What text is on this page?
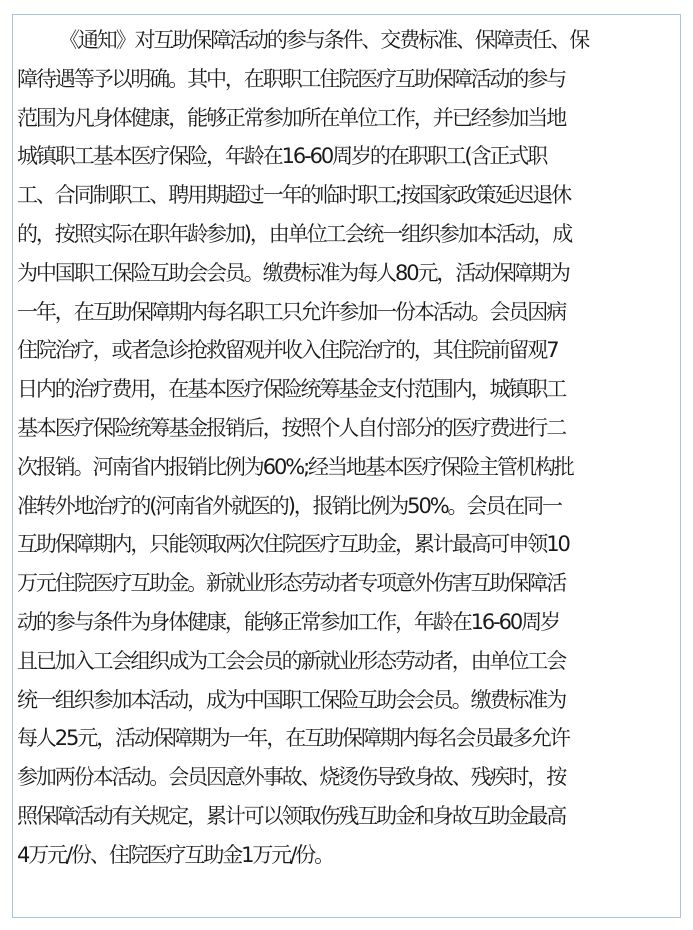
《通知》对互助保障活动的参与条件、交费标准、保障责任、保
障待遇等予以明确。其中，在职职工住院医疗互助保障活动的参与
范围为凡身体健康，能够正常参加所在单位工作，并已经参加当地
城镇职工基本医疗保险，年龄在16-60周岁的在职职工(含正式职
工、合同制职工、聘用期超过一年的临时职工;按国家政策延迟退休
的，按照实际在职年龄参加)，由单位工会统一组织参加本活动，成
为中国职工保险互助会会员。缴费标准为每人80元，活动保障期为
一年，在互助保障期内每名职工只允许参加一份本活动。会员因病
住院治疗，或者急诊抢救留观并收入住院治疗的，其住院前留观7
日内的治疗费用，在基本医疗保险统筹基金支付范围内，城镇职工
基本医疗保险统筹基金报销后，按照个人自付部分的医疗费进行二
次报销。河南省内报销比例为60%;经当地基本医疗保险主管机构批
准转外地治疗的(河南省外就医的)，报销比例为50%。会员在同一
互助保障期内，只能领取两次住院医疗互助金，累计最高可申领10
万元住院医疗互助金。新就业形态劳动者专项意外伤害互助保障活
动的参与条件为身体健康，能够正常参加工作，年龄在16-60周岁
且已加入工会组织成为工会会员的新就业形态劳动者，由单位工会
统一组织参加本活动，成为中国职工保险互助会会员。缴费标准为
每人25元，活动保障期为一年，在互助保障期内每名会员最多允许
参加两份本活动。会员因意外事故、烧烫伤导致身故、残疾时，按
照保障活动有关规定，累计可以领取伤残互助金和身故互助金最高
4万元/份、住院医疗互助金1万元/份。
